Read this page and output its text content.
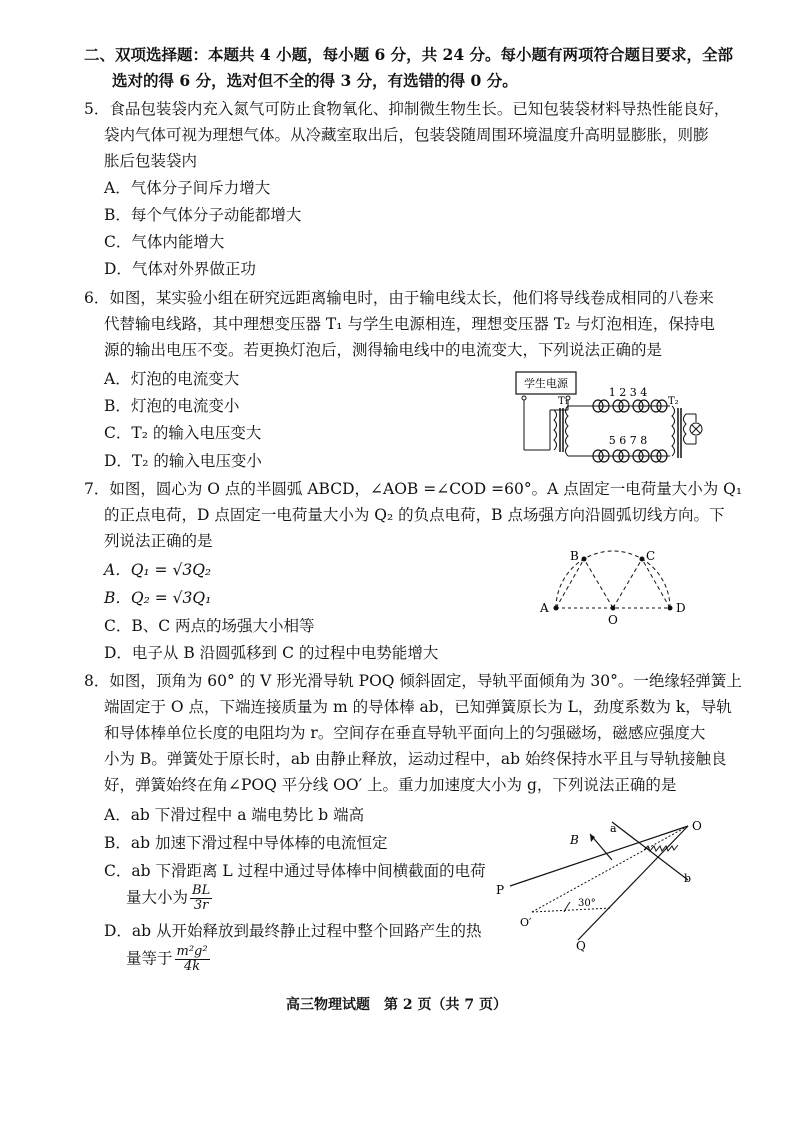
二、双项选择题：本题共 4 小题，每小题 6 分，共 24 分。每小题有两项符合题目要求，全部
选对的得 6 分，选对但不全的得 3 分，有选错的得 0 分。
5．食品包装袋内充入氮气可防止食物氧化、抑制微生物生长。已知包装袋材料导热性能良好，
袋内气体可视为理想气体。从冷藏室取出后，包装袋随周围环境温度升高明显膨胀，则膨
胀后包装袋内
A．气体分子间斥力增大
B．每个气体分子动能都增大
C．气体内能增大
D．气体对外界做正功
6．如图，某实验小组在研究远距离输电时，由于输电线太长，他们将导线卷成相同的八卷来
代替输电线路，其中理想变压器 T₁ 与学生电源相连，理想变压器 T₂ 与灯泡相连，保持电
源的输出电压不变。若更换灯泡后，测得输电线中的电流变大，下列说法正确的是
A．灯泡的电流变大
B．灯泡的电流变小
C．T₂ 的输入电压变大
D．T₂ 的输入电压变小
学生电源
T₁
1 2 3 4
5 6 7 8
T₂
7．如图，圆心为 O 点的半圆弧 ABCD，∠AOB =∠COD =60°。A 点固定一电荷量大小为 Q₁
的正点电荷，D 点固定一电荷量大小为 Q₂ 的负点电荷，B 点场强方向沿圆弧切线方向。下
列说法正确的是
A．Q₁ = √3Q₂
B．Q₂ = √3Q₁
C．B、C 两点的场强大小相等
D．电子从 B 沿圆弧移到 C 的过程中电势能增大
A
B	C
D
O
8．如图，顶角为 60° 的 V 形光滑导轨 POQ 倾斜固定，导轨平面倾角为 30°。一绝缘轻弹簧上
端固定于 O 点，下端连接质量为 m 的导体棒 ab，已知弹簧原长为 L，劲度系数为 k，导轨
和导体棒单位长度的电阻均为 r。空间存在垂直导轨平面向上的匀强磁场，磁感应强度大
小为 B。弹簧处于原长时，ab 由静止释放，运动过程中，ab 始终保持水平且与导轨接触良
好，弹簧始终在角∠POQ 平分线 OO′ 上。重力加速度大小为 g，下列说法正确的是
A．ab 下滑过程中 a 端电势比 b 端高
B．ab 加速下滑过程中导体棒的电流恒定
C．ab 下滑距离 L 过程中通过导体棒中间横截面的电荷
量大小为 $\frac{BL}{3r}$
D．ab 从开始释放到最终静止过程中整个回路产生的热
量等于 $\frac{\text{m²g²}}{4k}$
O
P
Q
a
b
B
O′
30°
高三物理试题　第 2 页（共 7 页）
